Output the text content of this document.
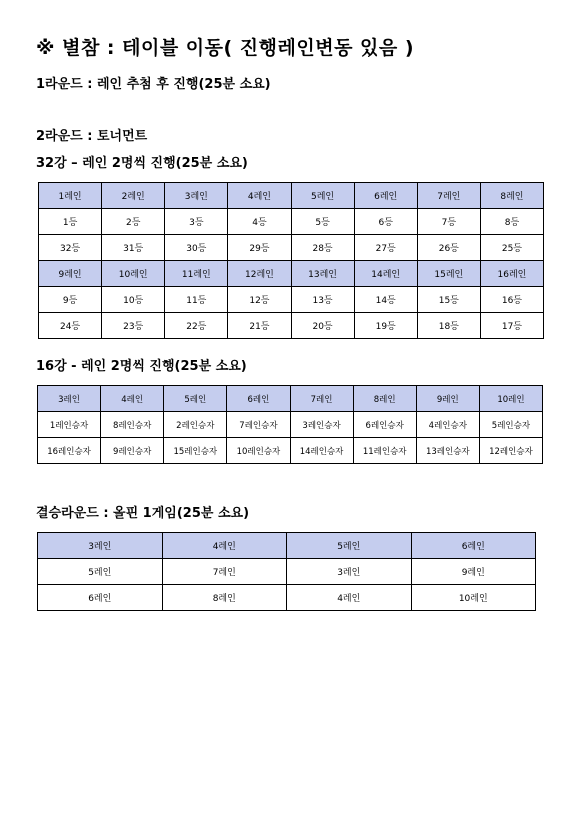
※ 별참 : 테이블 이동( 진행레인변동 있음 )
1라운드 : 레인 추첨 후 진행(25분 소요)
2라운드 : 토너먼트
32강 – 레인 2명씩 진행(25분 소요)
1레인	2레인	3레인	4레인	5레인	6레인	7레인	8레인
1등	2등	3등	4등	5등	6등	7등	8등
32등	31등	30등	29등	28등	27등	26등	25등
9레인	10레인	11레인	12레인	13레인	14레인	15레인	16레인
9등	10등	11등	12등	13등	14등	15등	16등
24등	23등	22등	21등	20등	19등	18등	17등
16강 - 레인 2명씩 진행(25분 소요)
3레인	4레인	5레인	6레인	7레인	8레인	9레인	10레인
1레인승자	8레인승자	2레인승자	7레인승자	3레인승자	6레인승자	4레인승자	5레인승자
16레인승자	9레인승자	15레인승자	10레인승자	14레인승자	11레인승자	13레인승자	12레인승자
결승라운드 : 올핀 1게임(25분 소요)
3레인	4레인	5레인	6레인
5레인	7레인	3레인	9레인
6레인	8레인	4레인	10레인
